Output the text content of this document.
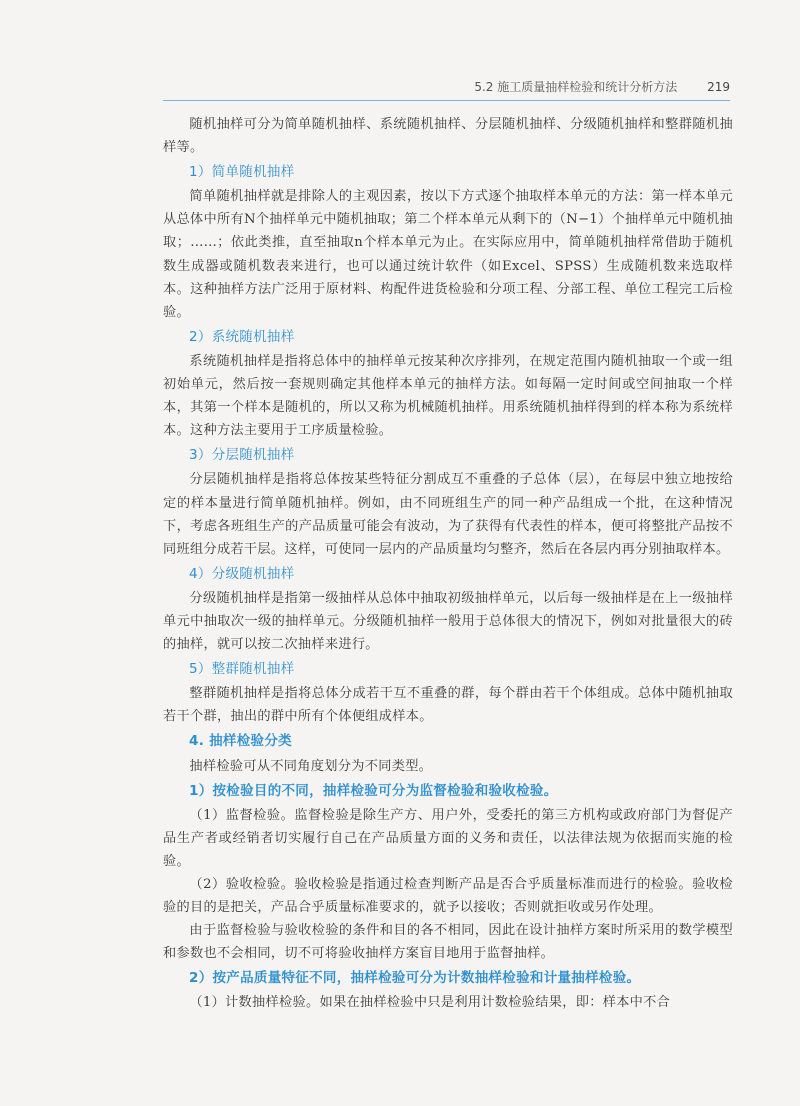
5.2 施工质量抽样检验和统计分析方法 219

随机抽样可分为简单随机抽样、系统随机抽样、分层随机抽样、分级随机抽样和整群随机抽样等。

1）简单随机抽样

简单随机抽样就是排除人的主观因素，按以下方式逐个抽取样本单元的方法：第一样本单元从总体中所有N个抽样单元中随机抽取；第二个样本单元从剩下的（N−1）个抽样单元中随机抽取；……；依此类推，直至抽取n个样本单元为止。在实际应用中，简单随机抽样常借助于随机数生成器或随机数表来进行，也可以通过统计软件（如Excel、SPSS）生成随机数来选取样本。这种抽样方法广泛用于原材料、构配件进货检验和分项工程、分部工程、单位工程完工后检验。

2）系统随机抽样

系统随机抽样是指将总体中的抽样单元按某种次序排列，在规定范围内随机抽取一个或一组初始单元，然后按一套规则确定其他样本单元的抽样方法。如每隔一定时间或空间抽取一个样本，其第一个样本是随机的，所以又称为机械随机抽样。用系统随机抽样得到的样本称为系统样本。这种方法主要用于工序质量检验。

3）分层随机抽样

分层随机抽样是指将总体按某些特征分割成互不重叠的子总体（层），在每层中独立地按给定的样本量进行简单随机抽样。例如，由不同班组生产的同一种产品组成一个批，在这种情况下，考虑各班组生产的产品质量可能会有波动，为了获得有代表性的样本，便可将整批产品按不同班组分成若干层。这样，可使同一层内的产品质量均匀整齐，然后在各层内再分别抽取样本。

4）分级随机抽样

分级随机抽样是指第一级抽样从总体中抽取初级抽样单元，以后每一级抽样是在上一级抽样单元中抽取次一级的抽样单元。分级随机抽样一般用于总体很大的情况下，例如对批量很大的砖的抽样，就可以按二次抽样来进行。

5）整群随机抽样

整群随机抽样是指将总体分成若干互不重叠的群，每个群由若干个体组成。总体中随机抽取若干个群，抽出的群中所有个体便组成样本。

4. 抽样检验分类

抽样检验可从不同角度划分为不同类型。

1）按检验目的不同，抽样检验可分为监督检验和验收检验。

（1）监督检验。监督检验是除生产方、用户外，受委托的第三方机构或政府部门为督促产品生产者或经销者切实履行自己在产品质量方面的义务和责任，以法律法规为依据而实施的检验。

（2）验收检验。验收检验是指通过检查判断产品是否合乎质量标准而进行的检验。验收检验的目的是把关，产品合乎质量标准要求的，就予以接收；否则就拒收或另作处理。

由于监督检验与验收检验的条件和目的各不相同，因此在设计抽样方案时所采用的数学模型和参数也不会相同，切不可将验收抽样方案盲目地用于监督抽样。

2）按产品质量特征不同，抽样检验可分为计数抽样检验和计量抽样检验。

（1）计数抽样检验。如果在抽样检验中只是利用计数检验结果，即：样本中不合
